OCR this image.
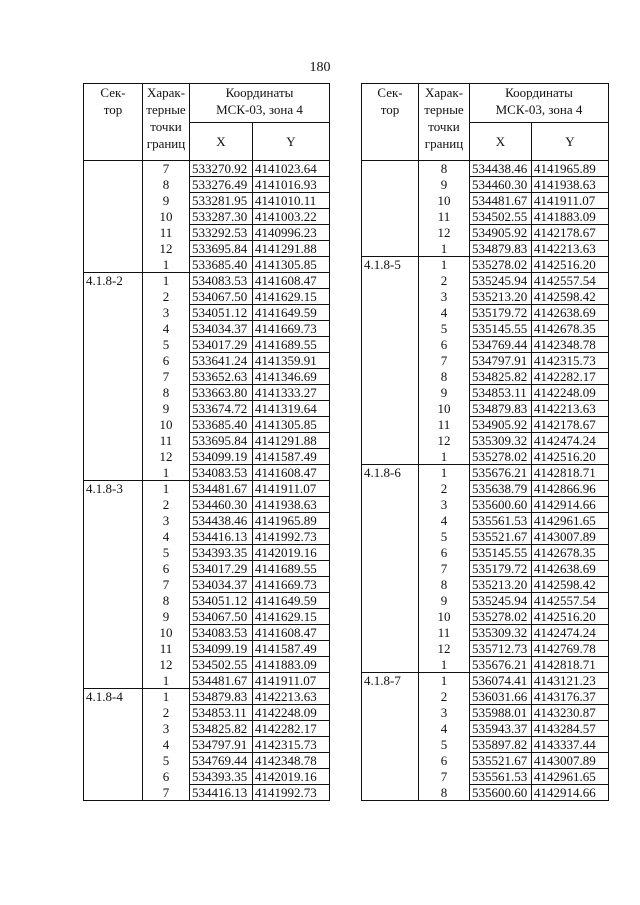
180
Сек-
тор	Харак-
терные
точки
границ	Координаты
МСК-03, зона 4	
		X	Y
	7	533270.92	4141023.64
	8	533276.49	4141016.93
	9	533281.95	4141010.11
	10	533287.30	4141003.22
	11	533292.53	4140996.23
	12	533695.84	4141291.88
	1	533685.40	4141305.85
4.1.8-2	1	534083.53	4141608.47
	2	534067.50	4141629.15
	3	534051.12	4141649.59
	4	534034.37	4141669.73
	5	534017.29	4141689.55
	6	533641.24	4141359.91
	7	533652.63	4141346.69
	8	533663.80	4141333.27
	9	533674.72	4141319.64
	10	533685.40	4141305.85
	11	533695.84	4141291.88
	12	534099.19	4141587.49
	1	534083.53	4141608.47
4.1.8-3	1	534481.67	4141911.07
	2	534460.30	4141938.63
	3	534438.46	4141965.89
	4	534416.13	4141992.73
	5	534393.35	4142019.16
	6	534017.29	4141689.55
	7	534034.37	4141669.73
	8	534051.12	4141649.59
	9	534067.50	4141629.15
	10	534083.53	4141608.47
	11	534099.19	4141587.49
	12	534502.55	4141883.09
	1	534481.67	4141911.07
4.1.8-4	1	534879.83	4142213.63
	2	534853.11	4142248.09
	3	534825.82	4142282.17
	4	534797.91	4142315.73
	5	534769.44	4142348.78
	6	534393.35	4142019.16
	7	534416.13	4141992.73
Сек-
тор	Харак-
терные
точки
границ	Координаты
МСК-03, зона 4	
		X	Y
	8	534438.46	4141965.89
	9	534460.30	4141938.63
	10	534481.67	4141911.07
	11	534502.55	4141883.09
	12	534905.92	4142178.67
	1	534879.83	4142213.63
4.1.8-5	1	535278.02	4142516.20
	2	535245.94	4142557.54
	3	535213.20	4142598.42
	4	535179.72	4142638.69
	5	535145.55	4142678.35
	6	534769.44	4142348.78
	7	534797.91	4142315.73
	8	534825.82	4142282.17
	9	534853.11	4142248.09
	10	534879.83	4142213.63
	11	534905.92	4142178.67
	12	535309.32	4142474.24
	1	535278.02	4142516.20
4.1.8-6	1	535676.21	4142818.71
	2	535638.79	4142866.96
	3	535600.60	4142914.66
	4	535561.53	4142961.65
	5	535521.67	4143007.89
	6	535145.55	4142678.35
	7	535179.72	4142638.69
	8	535213.20	4142598.42
	9	535245.94	4142557.54
	10	535278.02	4142516.20
	11	535309.32	4142474.24
	12	535712.73	4142769.78
	1	535676.21	4142818.71
4.1.8-7	1	536074.41	4143121.23
	2	536031.66	4143176.37
	3	535988.01	4143230.87
	4	535943.37	4143284.57
	5	535897.82	4143337.44
	6	535521.67	4143007.89
	7	535561.53	4142961.65
	8	535600.60	4142914.66
